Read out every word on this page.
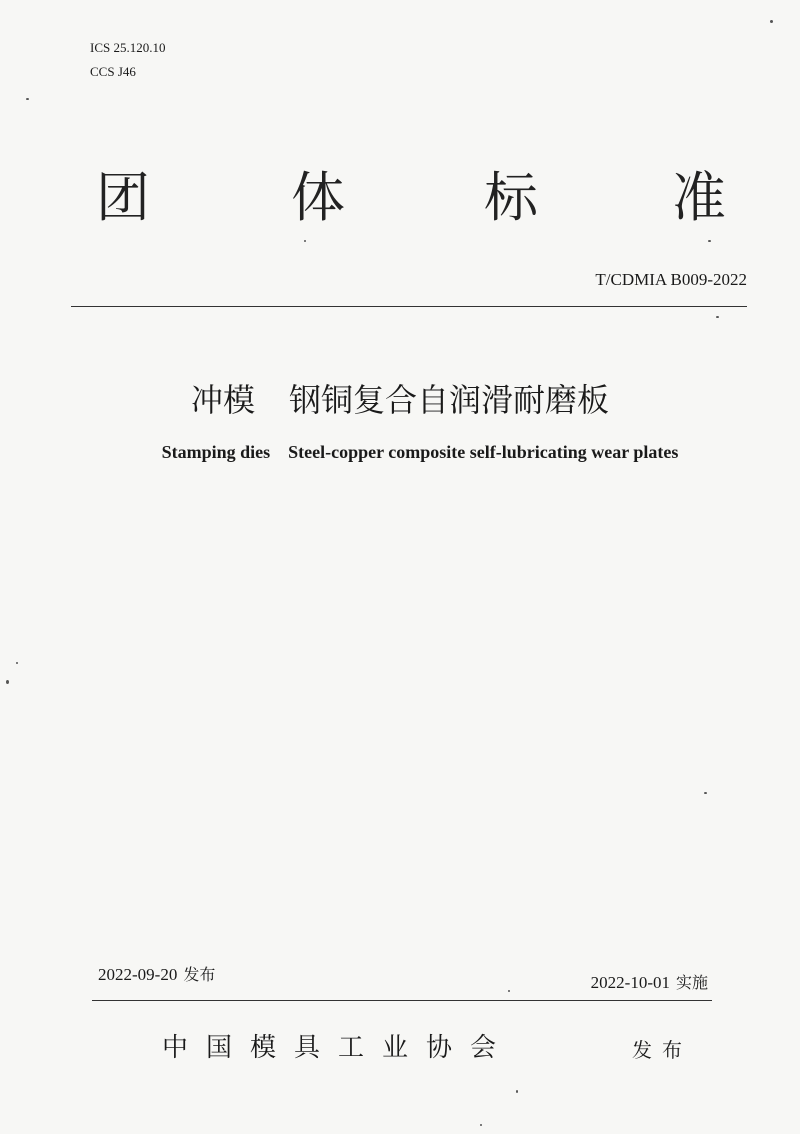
ICS 25.120.10
CCS J46
团	体	标 准
T/CDMIA B009-2022
冲模 钢铜复合自润滑耐磨板
Stamping dies Steel-copper composite self-lubricating wear plates
2022-09-20 发布	2022-10-01 实施
中国模具工业协会	发布
